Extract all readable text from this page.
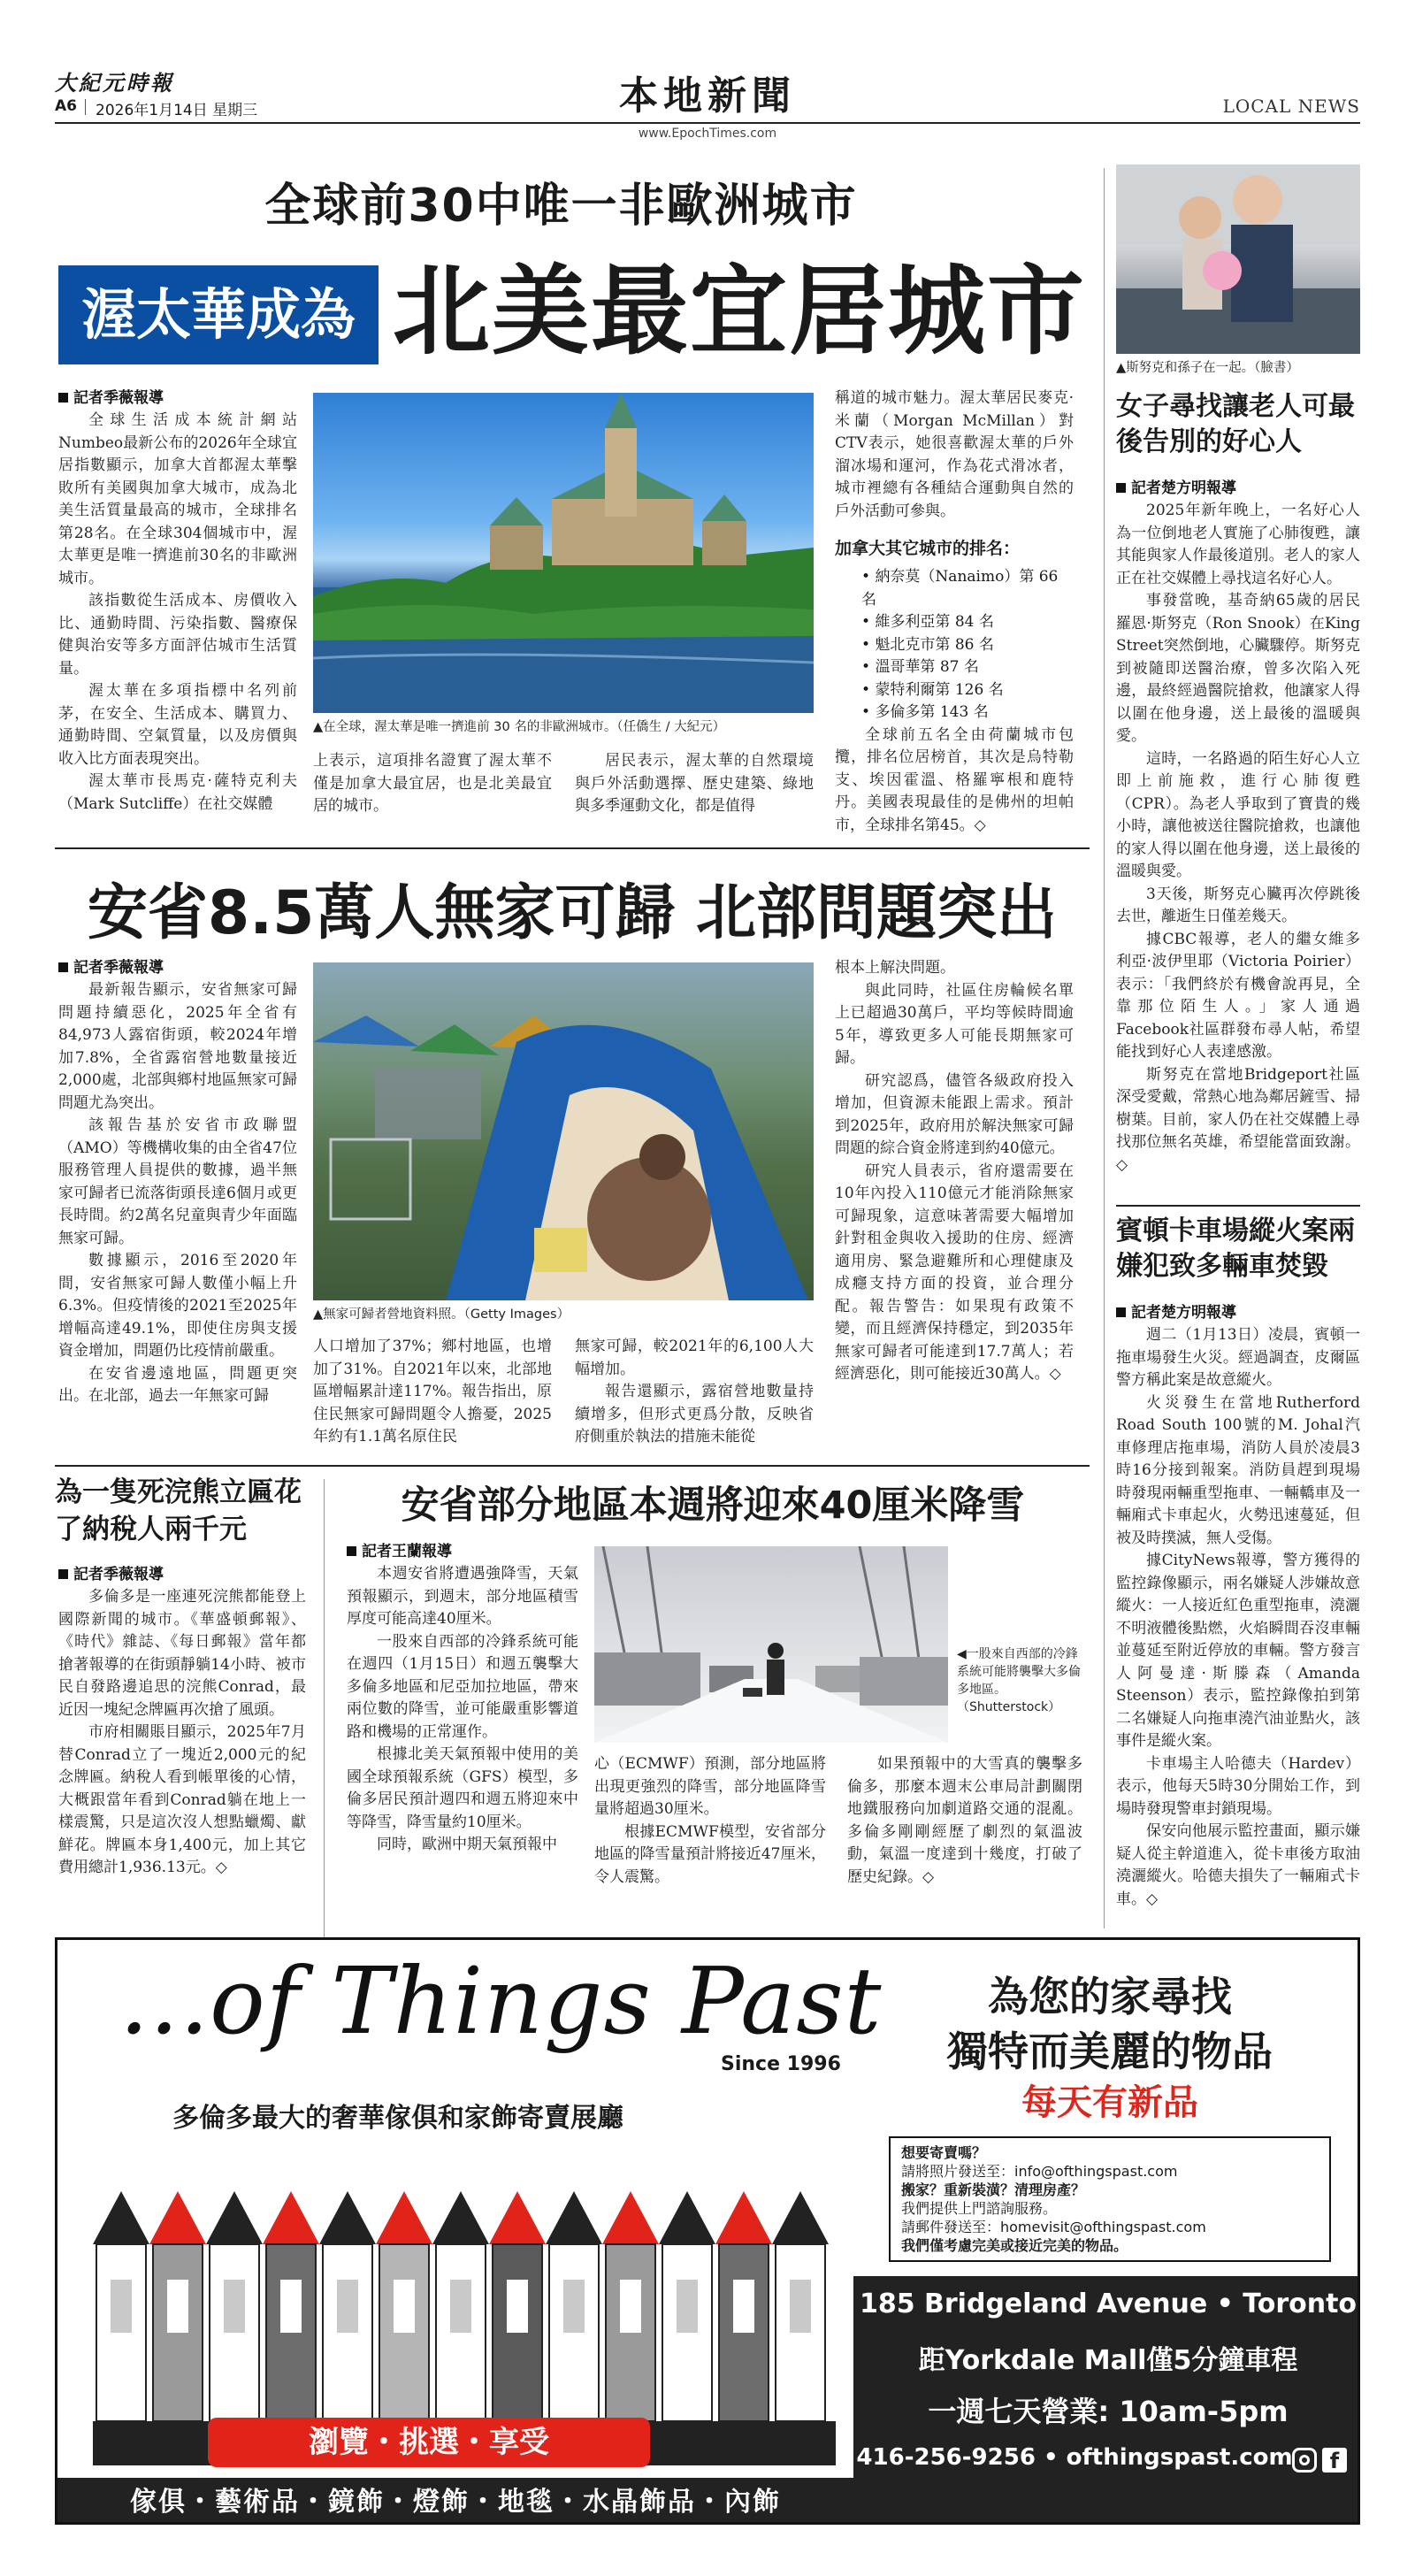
大紀元時報
A6 2026年1月14日 星期三	本地新聞
www.EpochTimes.com
LOCAL NEWS
全球前30中唯一非歐洲城市
渥太華成為 北美最宜居城市
記者季薇報導

全球生活成本統計網站Numbeo最新公布的2026年全球宜居指數顯示，加拿大首都渥太華擊敗所有美國與加拿大城市，成為北美生活質量最高的城市，全球排名第28名。在全球304個城市中，渥太華更是唯一擠進前30名的非歐洲城市。

該指數從生活成本、房價收入比、通勤時間、污染指數、醫療保健與治安等多方面評估城市生活質量。

渥太華在多項指標中名列前茅，在安全、生活成本、購買力、通勤時間、空氣質量，以及房價與收入比方面表現突出。

渥太華市長馬克·薩特克利夫（Mark Sutcliffe）在社交媒體

▲在全球，渥太華是唯一擠進前 30 名的非歐洲城市。（任僑生 / 大紀元）
上表示，這項排名證實了渥太華不僅是加拿大最宜居，也是北美最宜居的城市。

居民表示，渥太華的自然環境與戶外活動選擇、歷史建築、綠地與多季運動文化，都是值得

稱道的城市魅力。渥太華居民麥克·米蘭（Morgan McMillan）對CTV表示，她很喜歡渥太華的戶外溜冰場和運河，作為花式滑冰者，城市裡總有各種結合運動與自然的戶外活動可參與。
加拿大其它城市的排名：
• 納奈莫（Nanaimo）第 66 名
• 維多利亞第 84 名
• 魁北克市第 86 名
• 溫哥華第 87 名
• 蒙特利爾第 126 名
• 多倫多第 143 名
全球前五名全由荷蘭城市包攬，排名位居榜首，其次是烏特勒支、埃因霍溫、格羅寧根和鹿特丹。美國表現最佳的是佛州的坦帕市，全球排名第45。◇
安省8.5萬人無家可歸 北部問題突出
記者季薇報導

最新報告顯示，安省無家可歸問題持續惡化，2025年全省有84,973人露宿街頭，較2024年增加7.8%，全省露宿營地數量接近2,000處，北部與鄉村地區無家可歸問題尤為突出。

該報告基於安省市政聯盟（AMO）等機構收集的由全省47位服務管理人員提供的數據，過半無家可歸者已流落街頭長達6個月或更長時間。約2萬名兒童與青少年面臨無家可歸。

數據顯示，2016至2020年間，安省無家可歸人數僅小幅上升6.3%。但疫情後的2021至2025年增幅高達49.1%，即使住房與支援資金增加，問題仍比疫情前嚴重。

在安省邊遠地區，問題更突出。在北部，過去一年無家可歸

▲無家可歸者營地資料照。（Getty Images）
人口增加了37%；鄉村地區，也增加了31%。自2021年以來，北部地區增幅累計達117%。報告指出，原住民無家可歸問題令人擔憂，2025年約有1.1萬名原住民
無家可歸，較2021年的6,100人大幅增加。

報告還顯示，露宿營地數量持續增多，但形式更爲分散，反映省府側重於執法的措施未能從

根本上解決問題。

與此同時，社區住房輪候名單上已超過30萬戶，平均等候時間逾5年，導致更多人可能長期無家可歸。

研究認爲，儘管各級政府投入增加，但資源未能跟上需求。預計到2025年，政府用於解決無家可歸問題的綜合資金將達到約40億元。

研究人員表示，省府還需要在10年內投入110億元才能消除無家可歸現象，這意味著需要大幅增加針對租金與收入援助的住房、經濟適用房、緊急避難所和心理健康及成癮支持方面的投資，並合理分配。報告警告：如果現有政策不變，而且經濟保持穩定，到2035年無家可歸者可能達到17.7萬人；若經濟惡化，則可能接近30萬人。◇

為一隻死浣熊立匾花了納稅人兩千元
記者季薇報導

多倫多是一座連死浣熊都能登上國際新聞的城市。《華盛頓郵報》、《時代》雜誌、《每日郵報》當年都搶著報導的在街頭靜躺14小時、被市民自發路邊追思的浣熊Conrad，最近因一塊紀念牌匾再次搶了風頭。

市府相關賬目顯示，2025年7月替Conrad立了一塊近2,000元的紀念牌匾。納稅人看到帳單後的心情，大概跟當年看到Conrad躺在地上一樣震驚，只是這次沒人想點蠟燭、獻鮮花。牌匾本身1,400元，加上其它費用總計1,936.13元。◇

安省部分地區本週將迎來40厘米降雪
記者王蘭報導

本週安省將遭遇強降雪，天氣預報顯示，到週末，部分地區積雪厚度可能高達40厘米。

一股來自西部的冷鋒系統可能在週四（1月15日）和週五襲擊大多倫多地區和尼亞加拉地區，帶來兩位數的降雪，並可能嚴重影響道路和機場的正常運作。

根據北美天氣預報中使用的美國全球預報系統（GFS）模型，多倫多居民預計週四和週五將迎來中等降雪，降雪量約10厘米。

同時，歐洲中期天氣預報中

◀一股來自西部的冷鋒系統可能將襲擊大多倫多地區。（Shutterstock）
心（ECMWF）預測，部分地區將出現更強烈的降雪，部分地區降雪量將超過30厘米。

根據ECMWF模型，安省部分地區的降雪量預計將接近47厘米，令人震驚。

如果預報中的大雪真的襲擊多倫多，那麼本週末公車局計劃關閉地鐵服務向加劇道路交通的混亂。多倫多剛剛經歷了劇烈的氣溫波動，氣溫一度達到十幾度，打破了歷史紀錄。◇

▲斯努克和孫子在一起。（臉書）
女子尋找讓老人可最後告別的好心人
記者楚方明報導

2025年新年晚上，一名好心人為一位倒地老人實施了心肺復甦，讓其能與家人作最後道別。老人的家人正在社交媒體上尋找這名好心人。

事發當晚，基奇納65歲的居民羅恩·斯努克（Ron Snook）在King Street突然倒地，心臟驟停。斯努克到被隨即送醫治療，曾多次陷入死邊，最終經過醫院搶救，他讓家人得以圍在他身邊，送上最後的溫暖與愛。

這時，一名路過的陌生好心人立即上前施救，進行心肺復甦（CPR）。為老人爭取到了寶貴的幾小時，讓他被送往醫院搶救，也讓他的家人得以圍在他身邊，送上最後的溫暖與愛。

3天後，斯努克心臟再次停跳後去世，離逝生日僅差幾天。

據CBC報導，老人的繼女維多利亞·波伊里耶（Victoria Poirier）表示：「我們終於有機會說再見，全靠那位陌生人。」家人通過Facebook社區群發布尋人帖，希望能找到好心人表達感激。

斯努克在當地Bridgeport社區深受愛戴，常熱心地為鄰居鏟雪、掃樹葉。目前，家人仍在社交媒體上尋找那位無名英雄，希望能當面致謝。◇

賓頓卡車場縱火案兩嫌犯致多輛車焚毀
記者楚方明報導

週二（1月13日）凌晨，賓頓一拖車場發生火災。經過調查，皮爾區警方稱此案是故意縱火。

火災發生在當地Rutherford Road South 100號的M. Johal汽車修理店拖車場，消防人員於凌晨3時16分接到報案。消防員趕到現場時發現兩輛重型拖車、一輛轎車及一輛廂式卡車起火，火勢迅速蔓延，但被及時撲滅，無人受傷。

據CityNews報導，警方獲得的監控錄像顯示，兩名嫌疑人涉嫌故意縱火：一人接近紅色重型拖車，澆灑不明液體後點燃，火焰瞬間吞沒車輛並蔓延至附近停放的車輛。警方發言人阿曼達·斯滕森（Amanda Steenson）表示，監控錄像拍到第二名嫌疑人向拖車澆汽油並點火，該事件是縱火案。

卡車場主人哈德夫（Hardev）表示，他每天5時30分開始工作，到場時發現警車封鎖現場。

保安向他展示監控畫面，顯示嫌疑人從主幹道進入，從卡車後方取油澆灑縱火。哈德夫損失了一輛廂式卡車。◇

...of Things Past
Since 1996
多倫多最大的奢華傢俱和家飾寄賣展廳
為您的家尋找
獨特而美麗的物品
每天有新品
想要寄賣嗎？
請將照片發送至：info@ofthingspast.com
搬家？重新裝潢？清理房產？
我們提供上門諮詢服務。
請郵件發送至：homevisit@ofthingspast.com
我們僅考慮完美或接近完美的物品。
185 Bridgeland Avenue • Toronto
距Yorkdale Mall僅5分鐘車程
一週七天營業: 10am-5pm
416-256-9256 • ofthingspast.com	f
瀏覽・挑選・享受
傢俱・藝術品・鏡飾・燈飾・地毯・水晶飾品・內飾
